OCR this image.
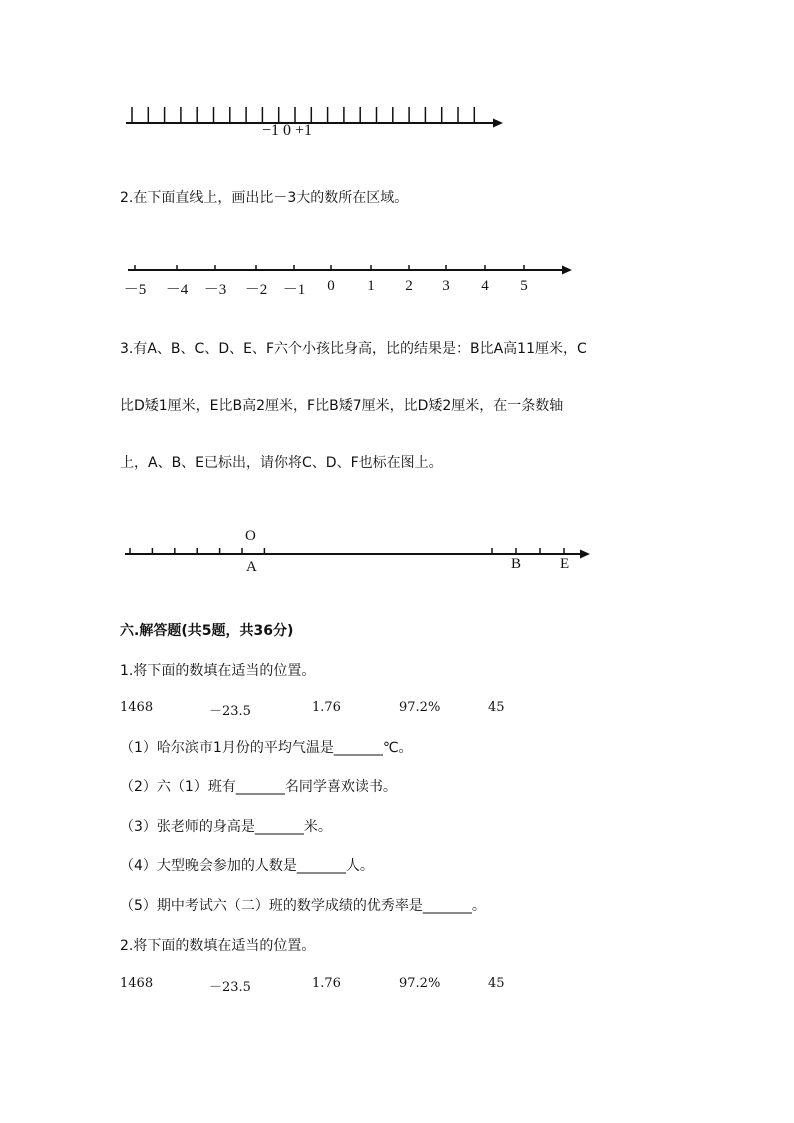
−1 0 +1
2.在下面直线上，画出比－3大的数所在区域。
3.有A、B、C、D、E、F六个小孩比身高，比的结果是：B比A高11厘米，C
比D矮1厘米，E比B高2厘米，F比B矮7厘米，比D矮2厘米，在一条数轴
上，A、B、E已标出，请你将C、D、F也标在图上。
O
A	B	E
六.解答题(共5题，共36分)
1.将下面的数填在适当的位置。
1468	－23.5	1.76	97.2%	45
（1）哈尔滨市1月份的平均气温是_______℃。
（2）六（1）班有_______名同学喜欢读书。
（3）张老师的身高是_______米。
（4）大型晚会参加的人数是_______人。
（5）期中考试六（二）班的数学成绩的优秀率是_______。
2.将下面的数填在适当的位置。
1468	－23.5	1.76	97.2%	45
－5 －4 －3 －2 －1 0 1 2 3 4 5
